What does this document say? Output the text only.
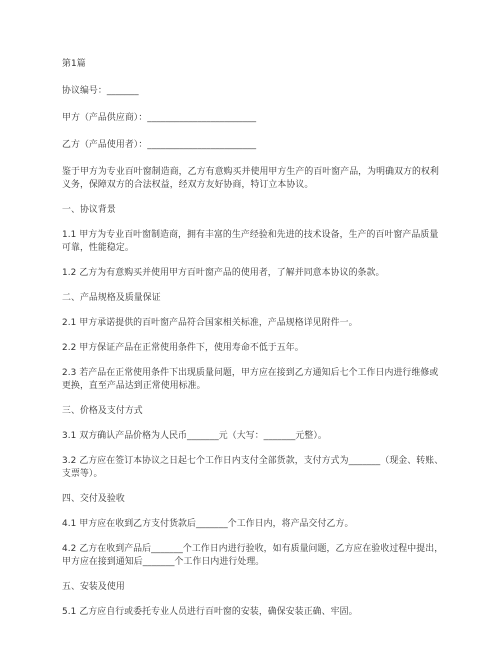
第1篇

协议编号：_______

甲方（产品供应商）：________________________

乙方（产品使用者）：________________________

鉴于甲方为专业百叶窗制造商，乙方有意购买并使用甲方生产的百叶窗产品，为明确双方的权利义务，保障双方的合法权益，经双方友好协商，特订立本协议。

一、协议背景

1.1 甲方为专业百叶窗制造商，拥有丰富的生产经验和先进的技术设备，生产的百叶窗产品质量可靠，性能稳定。

1.2 乙方为有意购买并使用甲方百叶窗产品的使用者，了解并同意本协议的条款。

二、产品规格及质量保证

2.1 甲方承诺提供的百叶窗产品符合国家相关标准，产品规格详见附件一。

2.2 甲方保证产品在正常使用条件下，使用寿命不低于五年。

2.3 若产品在正常使用条件下出现质量问题，甲方应在接到乙方通知后七个工作日内进行维修或更换，直至产品达到正常使用标准。

三、价格及支付方式

3.1 双方确认产品价格为人民币_______元（大写：_______元整）。

3.2 乙方应在签订本协议之日起七个工作日内支付全部货款，支付方式为_______（现金、转账、支票等）。

四、交付及验收

4.1 甲方应在收到乙方支付货款后_______个工作日内，将产品交付乙方。

4.2 乙方在收到产品后_______个工作日内进行验收，如有质量问题，乙方应在验收过程中提出，甲方应在接到通知后_______个工作日内进行处理。

五、安装及使用

5.1 乙方应自行或委托专业人员进行百叶窗的安装，确保安装正确、牢固。
